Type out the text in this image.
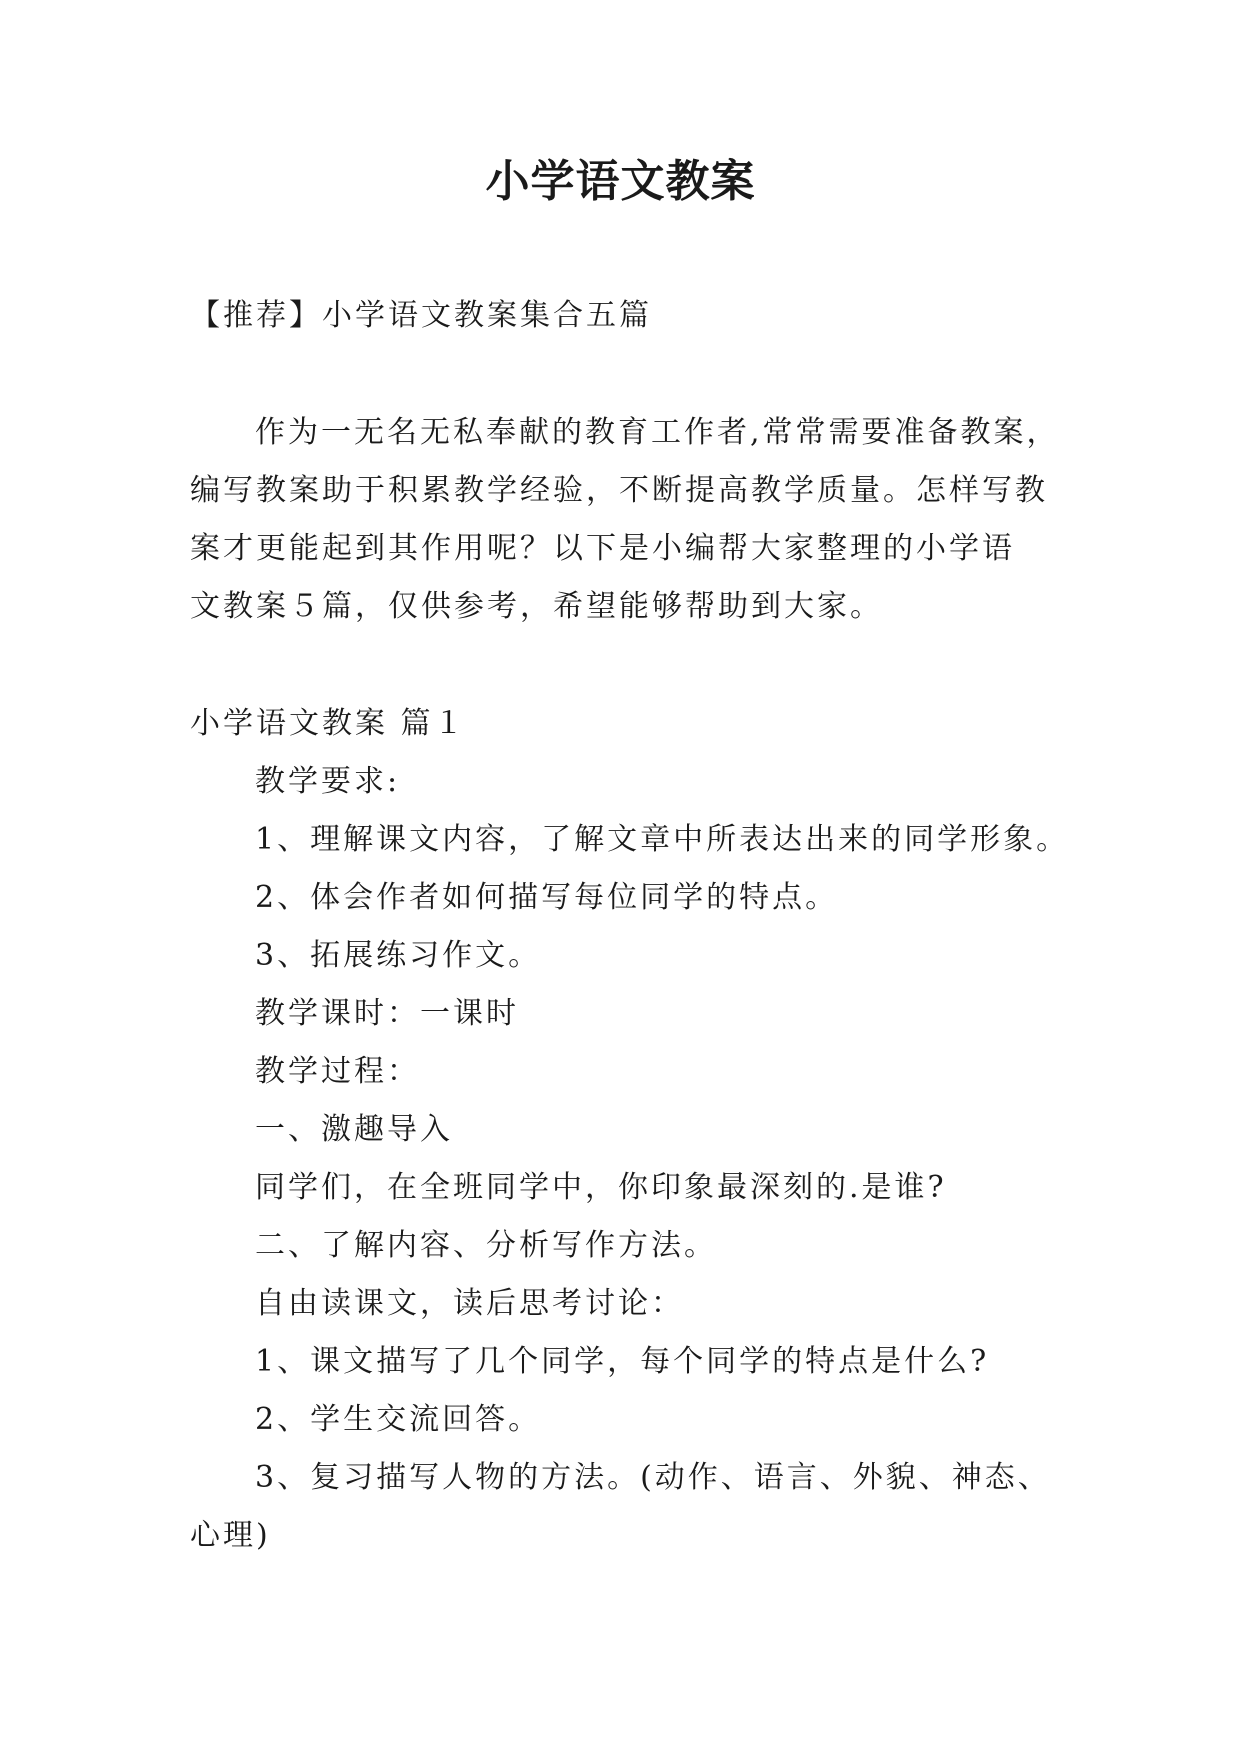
小学语文教案
【推荐】小学语文教案集合五篇
作为一无名无私奉献的教育工作者,常常需要准备教案，
编写教案助于积累教学经验，不断提高教学质量。怎样写教
案才更能起到其作用呢？以下是小编帮大家整理的小学语
文教案５篇，仅供参考，希望能够帮助到大家。
小学语文教案 篇１
教学要求:
1、理解课文内容，了解文章中所表达出来的同学形象。
2、体会作者如何描写每位同学的特点。
3、拓展练习作文。
教学课时：一课时
教学过程：
一、激趣导入
同学们，在全班同学中，你印象最深刻的.是谁?
二、了解内容、分析写作方法。
自由读课文，读后思考讨论：
1、课文描写了几个同学，每个同学的特点是什么?
2、学生交流回答。
3、复习描写人物的方法。(动作、语言、外貌、神态、
心理)
